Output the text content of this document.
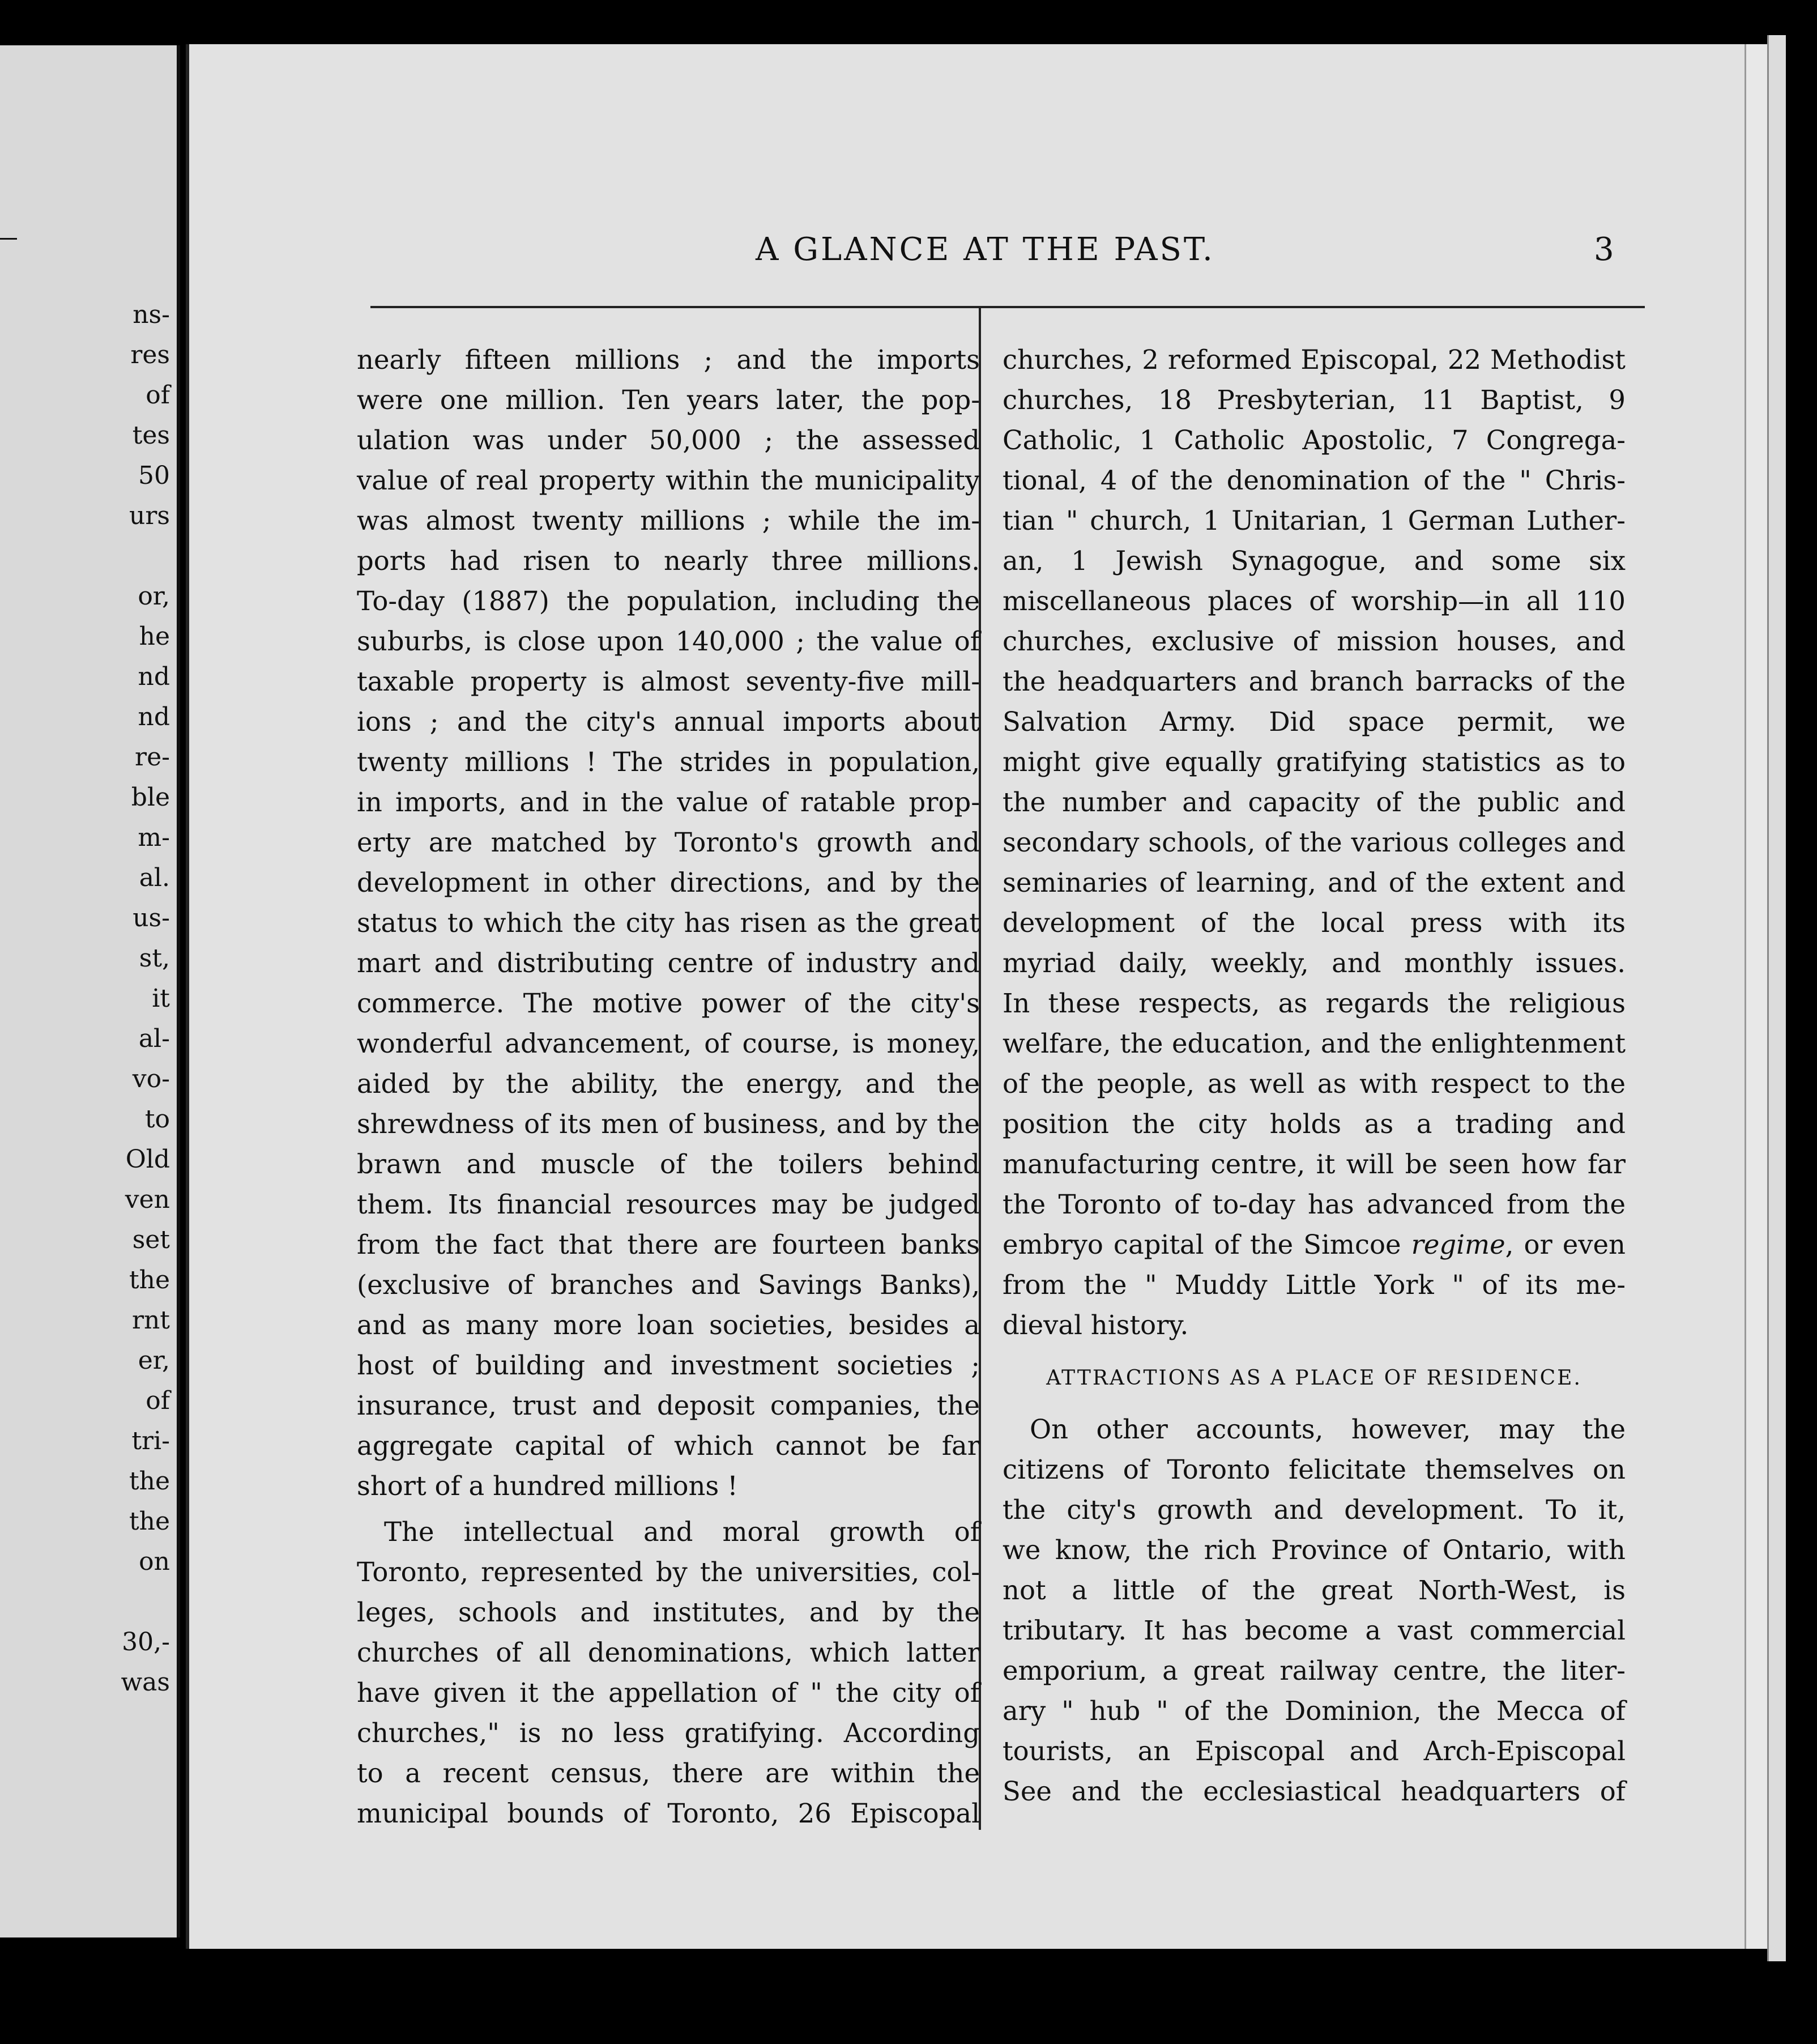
ns-
res
of
tes
50
urs
or,
he
nd
nd
re-
ble
m-
al.
us-
st,
it
al-
vo-
to
Old
ven
set
the
rnt
er,
of
tri-
the
the
on
30,-
was
A GLANCE AT THE PAST.	3
nearly fifteen millions ; and the imports
were one million. Ten years later, the pop-
ulation was under 50,000 ; the assessed
value of real property within the municipality
was almost twenty millions ; while the im-
ports had risen to nearly three millions.
To-day (1887) the population, including the
suburbs, is close upon 140,000 ; the value of
taxable property is almost seventy-five mill-
ions ; and the city's annual imports about
twenty millions ! The strides in population,
in imports, and in the value of ratable prop-
erty are matched by Toronto's growth and
development in other directions, and by the
status to which the city has risen as the great
mart and distributing centre of industry and
commerce. The motive power of the city's
wonderful advancement, of course, is money,
aided by the ability, the energy, and the
shrewdness of its men of business, and by the
brawn and muscle of the toilers behind
them. Its financial resources may be judged
from the fact that there are fourteen banks
(exclusive of branches and Savings Banks),
and as many more loan societies, besides a
host of building and investment societies ;
insurance, trust and deposit companies, the
aggregate capital of which cannot be far
short of a hundred millions !
The intellectual and moral growth of
Toronto, represented by the universities, col-
leges, schools and institutes, and by the
churches of all denominations, which latter
have given it the appellation of " the city of
churches," is no less gratifying. According
to a recent census, there are within the
municipal bounds of Toronto, 26 Episcopal
churches, 2 reformed Episcopal, 22 Methodist
churches, 18 Presbyterian, 11 Baptist, 9
Catholic, 1 Catholic Apostolic, 7 Congrega-
tional, 4 of the denomination of the " Chris-
tian " church, 1 Unitarian, 1 German Luther-
an, 1 Jewish Synagogue, and some six
miscellaneous places of worship—in all 110
churches, exclusive of mission houses, and
the headquarters and branch barracks of the
Salvation Army. Did space permit, we
might give equally gratifying statistics as to
the number and capacity of the public and
secondary schools, of the various colleges and
seminaries of learning, and of the extent and
development of the local press with its
myriad daily, weekly, and monthly issues.
In these respects, as regards the religious
welfare, the education, and the enlightenment
of the people, as well as with respect to the
position the city holds as a trading and
manufacturing centre, it will be seen how far
the Toronto of to-day has advanced from the
embryo capital of the Simcoe regime, or even
from the " Muddy Little York " of its me-
dieval history.
ATTRACTIONS AS A PLACE OF RESIDENCE.
On other accounts, however, may the
citizens of Toronto felicitate themselves on
the city's growth and development. To it,
we know, the rich Province of Ontario, with
not a little of the great North-West, is
tributary. It has become a vast commercial
emporium, a great railway centre, the liter-
ary " hub " of the Dominion, the Mecca of
tourists, an Episcopal and Arch-Episcopal
See and the ecclesiastical headquarters of
